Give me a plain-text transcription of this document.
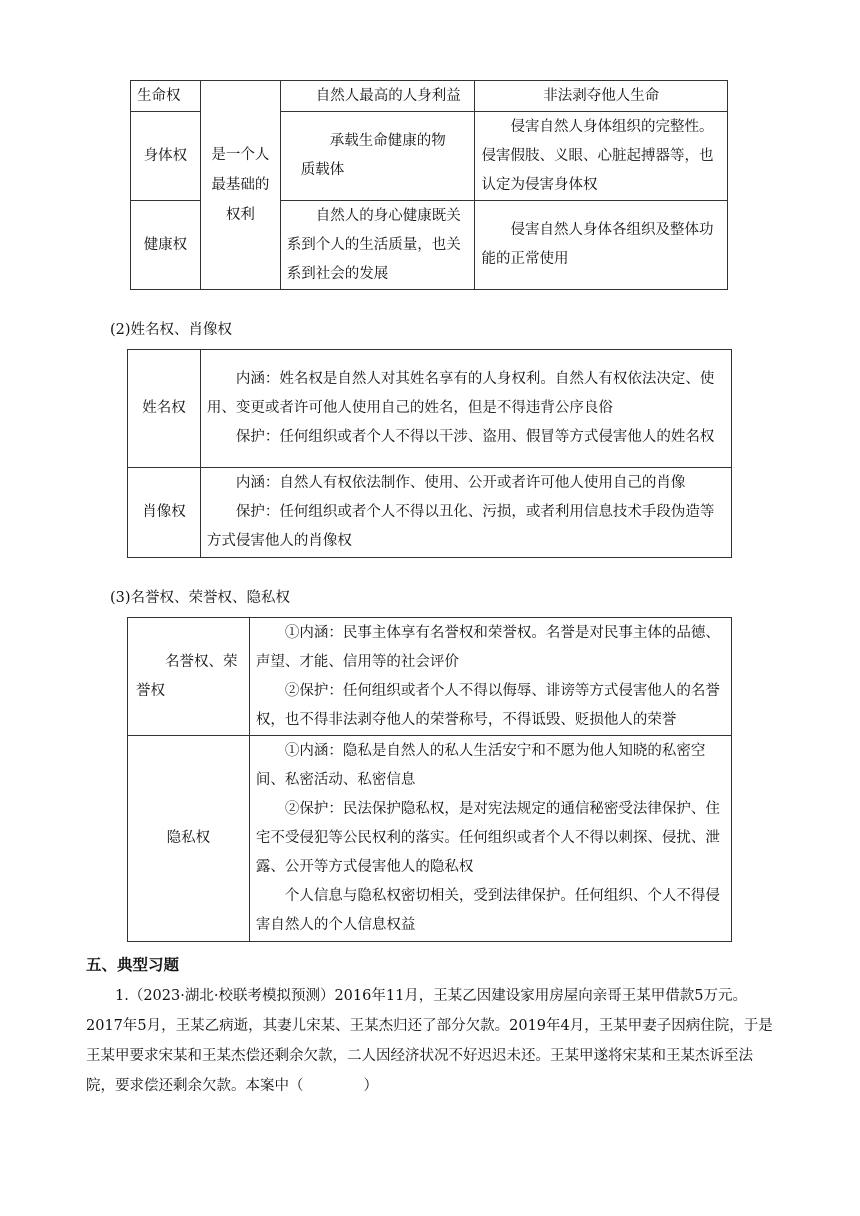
生命权	是一个人最基础的权利	自然人最高的人身利益	非法剥夺他人生命
身体权		承载生命健康的物质载体	侵害自然人身体组织的完整性。侵害假肢、义眼、心脏起搏器等，也认定为侵害身体权
健康权		自然人的身心健康既关系到个人的生活质量，也关系到社会的发展	侵害自然人身体各组织及整体功能的正常使用
(2)姓名权、肖像权
姓名权	内涵：姓名权是自然人对其姓名享有的人身权利。自然人有权依法决定、使用、变更或者许可他人使用自己的姓名，但是不得违背公序良俗

保护：任何组织或者个人不得以干涉、盗用、假冒等方式侵害他人的姓名权

肖像权	内涵：自然人有权依法制作、使用、公开或者许可他人使用自己的肖像

保护：任何组织或者个人不得以丑化、污损，或者利用信息技术手段伪造等方式侵害他人的肖像权

(3)名誉权、荣誉权、隐私权
名誉权、荣誉权	①内涵：民事主体享有名誉权和荣誉权。名誉是对民事主体的品德、声望、才能、信用等的社会评价

②保护：任何组织或者个人不得以侮辱、诽谤等方式侵害他人的名誉权，也不得非法剥夺他人的荣誉称号，不得诋毁、贬损他人的荣誉

隐私权	①内涵：隐私是自然人的私人生活安宁和不愿为他人知晓的私密空间、私密活动、私密信息

②保护：民法保护隐私权，是对宪法规定的通信秘密受法律保护、住宅不受侵犯等公民权利的落实。任何组织或者个人不得以刺探、侵扰、泄露、公开等方式侵害他人的隐私权

个人信息与隐私权密切相关，受到法律保护。任何组织、个人不得侵害自然人的个人信息权益

五、典型习题
1.（2023·湖北·校联考模拟预测）2016年11月，王某乙因建设家用房屋向亲哥王某甲借款5万元。2017年5月，王某乙病逝，其妻儿宋某、王某杰归还了部分欠款。2019年4月，王某甲妻子因病住院，于是王某甲要求宋某和王某杰偿还剩余欠款，二人因经济状况不好迟迟未还。王某甲遂将宋某和王某杰诉至法院，要求偿还剩余欠款。本案中（	）
